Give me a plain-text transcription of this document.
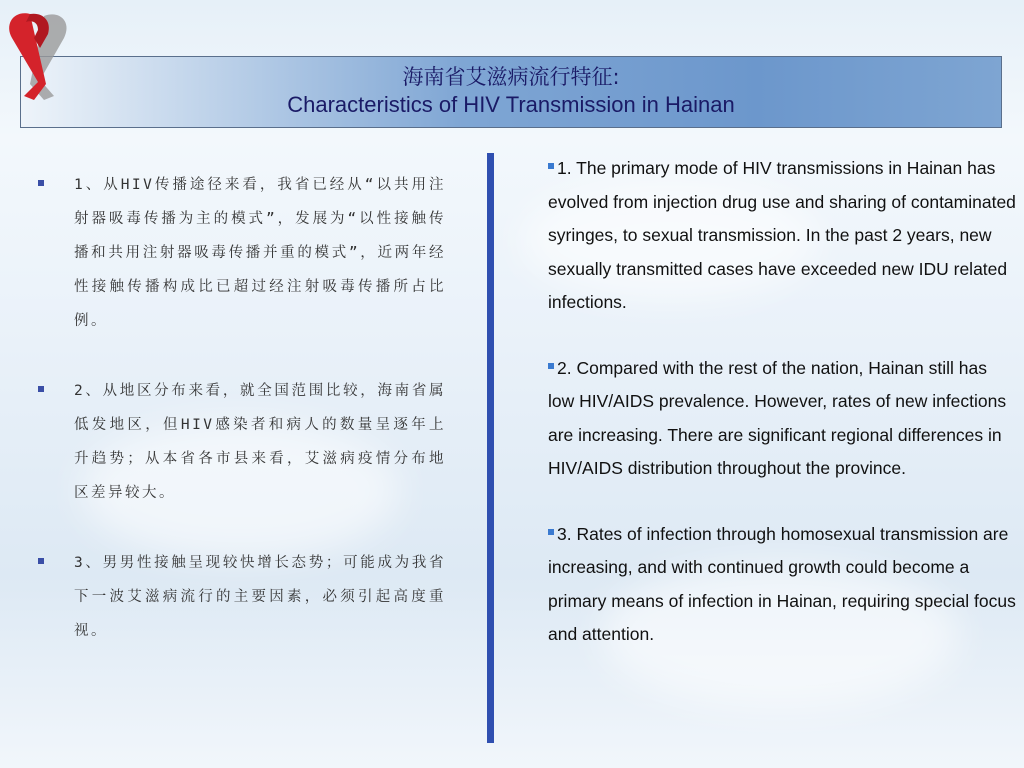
海南省艾滋病流行特征:
Characteristics of HIV Transmission in Hainan
1、从HIV传播途径来看，我省已经从“以共用注射器吸毒传播为主的模式”，发展为“以性接触传播和共用注射器吸毒传播并重的模式”，近两年经性接触传播构成比已超过经注射吸毒传播所占比例。
2、从地区分布来看，就全国范围比较，海南省属低发地区，但HIV感染者和病人的数量呈逐年上升趋势；从本省各市县来看，艾滋病疫情分布地区差异较大。
3、男男性接触呈现较快增长态势；可能成为我省下一波艾滋病流行的主要因素，必须引起高度重视。
1. The primary mode of HIV transmissions in Hainan has evolved from injection drug use and sharing of contaminated syringes, to sexual transmission. In the past 2 years, new sexually transmitted cases have exceeded new IDU related infections.
2. Compared with the rest of the nation, Hainan still has low HIV/AIDS prevalence. However, rates of new infections are increasing. There are significant regional differences in HIV/AIDS distribution throughout the province.
3. Rates of infection through homosexual transmission are increasing, and with continued growth could become a primary means of infection in Hainan, requiring special focus and attention.
